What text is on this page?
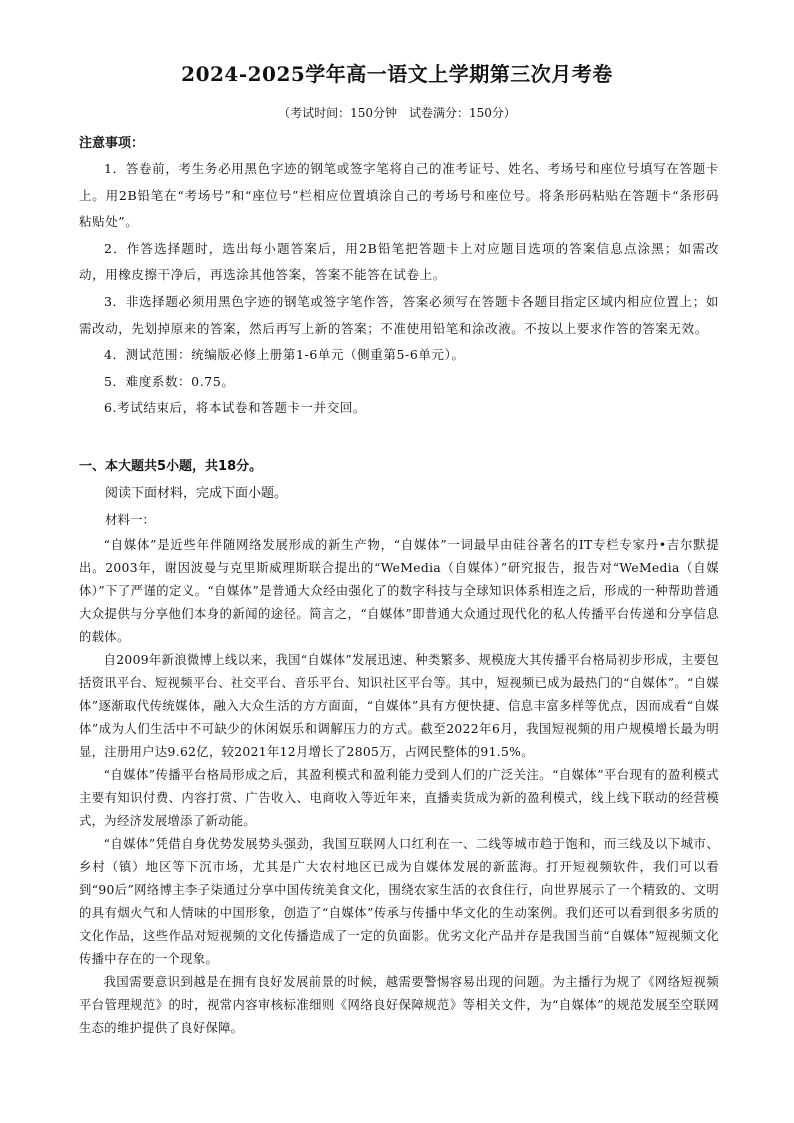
2024-2025学年高一语文上学期第三次月考卷
（考试时间：150分钟　试卷满分：150分）
注意事项：

1．答卷前，考生务必用黑色字迹的钢笔或签字笔将自己的准考证号、姓名、考场号和座位号填写在答题卡上。用2B铅笔在“考场号”和“座位号”栏相应位置填涂自己的考场号和座位号。将条形码粘贴在答题卡“条形码粘贴处”。

2．作答选择题时，选出每小题答案后，用2B铅笔把答题卡上对应题目选项的答案信息点涂黑；如需改动，用橡皮擦干净后，再选涂其他答案，答案不能答在试卷上。

3．非选择题必须用黑色字迹的钢笔或签字笔作答，答案必须写在答题卡各题目指定区域内相应位置上；如需改动，先划掉原来的答案，然后再写上新的答案；不准使用铅笔和涂改液。不按以上要求作答的答案无效。

4．测试范围：统编版必修上册第1-6单元（侧重第5-6单元）。

5．难度系数：0.75。

6.考试结束后，将本试卷和答题卡一并交回。

一、本大题共5小题，共18分。
阅读下面材料，完成下面小题。
材料一：

“自媒体”是近些年伴随网络发展形成的新生产物，“自媒体”一词最早由硅谷著名的IT专栏专家丹•吉尔默提出。2003年，谢因波曼与克里斯威理斯联合提出的“WeMedia（自媒体）”研究报告，报告对“WeMedia（自媒体）”下了严谨的定义。“自媒体”是普通大众经由强化了的数字科技与全球知识体系相连之后，形成的一种帮助普通大众提供与分享他们本身的新闻的途径。简言之，“自媒体”即普通大众通过现代化的私人传播平台传递和分享信息的载体。

自2009年新浪微博上线以来，我国“自媒体”发展迅速、种类繁多、规模庞大其传播平台格局初步形成，主要包括资讯平台、短视频平台、社交平台、音乐平台、知识社区平台等。其中，短视频已成为最热门的“自媒体”。“自媒体”逐渐取代传统媒体，融入大众生活的方方面面，“自媒体”具有方便快捷、信息丰富多样等优点，因而成看“自媒体”成为人们生活中不可缺少的休闲娱乐和调解压力的方式。截至2022年6月，我国短视频的用户规模增长最为明显，注册用户达9.62亿，较2021年12月增长了2805万，占网民整体的91.5%。

“自媒体”传播平台格局形成之后，其盈利模式和盈利能力受到人们的广泛关注。“自媒体”平台现有的盈利模式主要有知识付费、内容打赏、广告收入、电商收入等近年来，直播卖货成为新的盈利模式，线上线下联动的经营模式，为经济发展增添了新动能。

“自媒体”凭借自身优势发展势头强劲，我国互联网人口红利在一、二线等城市趋于饱和，而三线及以下城市、乡村（镇）地区等下沉市场，尤其是广大农村地区已成为自媒体发展的新蓝海。打开短视频软件，我们可以看到“90后”网络博主李子柒通过分享中国传统美食文化，围绕农家生活的衣食住行，向世界展示了一个精致的、文明的具有烟火气和人情味的中国形象，创造了“自媒体”传承与传播中华文化的生动案例。我们还可以看到很多劣质的文化作品，这些作品对短视频的文化传播造成了一定的负面影。优劣文化产品并存是我国当前“自媒体”短视频文化传播中存在的一个现象。

我国需要意识到越是在拥有良好发展前景的时候，越需要警惕容易出现的问题。为主播行为规了《网络短视频平台管理规范》的时，视常内容审核标准细则《网络良好保障规范》等相关文件，为“自媒体”的规范发展至空联网生态的维护提供了良好保障。
